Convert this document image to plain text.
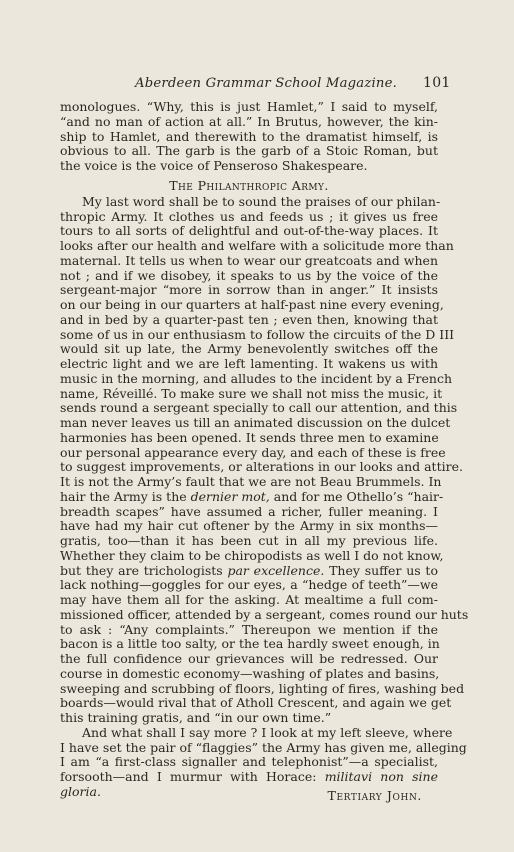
Aberdeen Grammar School Magazine. 101
monologues. “Why, this is just Hamlet,” I said to myself,
“and no man of action at all.” In Brutus, however, the kin-
ship to Hamlet, and therewith to the dramatist himself, is
obvious to all. The garb is the garb of a Stoic Roman, but
the voice is the voice of Penseroso Shakespeare.
The Philanthropic Army.
My last word shall be to sound the praises of our philan-
thropic Army. It clothes us and feeds us ; it gives us free
tours to all sorts of delightful and out-of-the-way places. It
looks after our health and welfare with a solicitude more than
maternal. It tells us when to wear our greatcoats and when
not ; and if we disobey, it speaks to us by the voice of the
sergeant-major “more in sorrow than in anger.” It insists
on our being in our quarters at half-past nine every evening,
and in bed by a quarter-past ten ; even then, knowing that
some of us in our enthusiasm to follow the circuits of the D III
would sit up late, the Army benevolently switches off the
electric light and we are left lamenting. It wakens us with
music in the morning, and alludes to the incident by a French
name, Réveillé. To make sure we shall not miss the music, it
sends round a sergeant specially to call our attention, and this
man never leaves us till an animated discussion on the dulcet
harmonies has been opened. It sends three men to examine
our personal appearance every day, and each of these is free
to suggest improvements, or alterations in our looks and attire.
It is not the Army’s fault that we are not Beau Brummels. In
hair the Army is the dernier mot, and for me Othello’s “hair-
breadth scapes” have assumed a richer, fuller meaning. I
have had my hair cut oftener by the Army in six months—
gratis, too—than it has been cut in all my previous life.
Whether they claim to be chiropodists as well I do not know,
but they are trichologists par excellence. They suffer us to
lack nothing—goggles for our eyes, a “hedge of teeth”—we
may have them all for the asking. At mealtime a full com-
missioned officer, attended by a sergeant, comes round our huts
to ask : “Any complaints.” Thereupon we mention if the
bacon is a little too salty, or the tea hardly sweet enough, in
the full confidence our grievances will be redressed. Our
course in domestic economy—washing of plates and basins,
sweeping and scrubbing of floors, lighting of fires, washing bed
boards—would rival that of Atholl Crescent, and again we get
this training gratis, and “in our own time.”
And what shall I say more ? I look at my left sleeve, where
I have set the pair of “flaggies” the Army has given me, alleging
I am “a first-class signaller and telephonist”—a specialist,
forsooth—and I murmur with Horace: militavi non sine
gloria.	Tertiary John.
